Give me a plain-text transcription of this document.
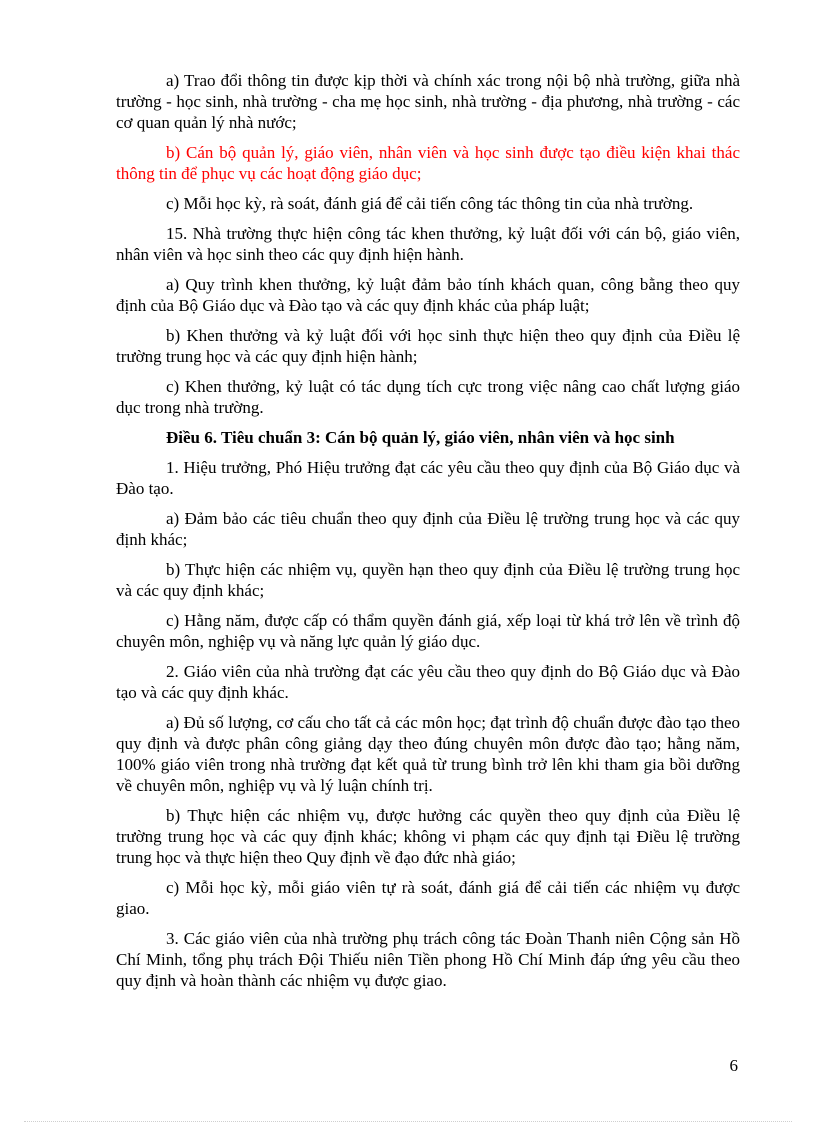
a) Trao đổi thông tin được kịp thời và chính xác trong nội bộ nhà trường, giữa nhà trường - học sinh, nhà trường - cha mẹ học sinh, nhà trường - địa phương, nhà trường - các cơ quan quản lý nhà nước;

b) Cán bộ quản lý, giáo viên, nhân viên và học sinh được tạo điều kiện khai thác thông tin để phục vụ các hoạt động giáo dục;

c) Mỗi học kỳ, rà soát, đánh giá để cải tiến công tác thông tin của nhà trường.

15. Nhà trường thực hiện công tác khen thưởng, kỷ luật đối với cán bộ, giáo viên, nhân viên và học sinh theo các quy định hiện hành.

a) Quy trình khen thưởng, kỷ luật đảm bảo tính khách quan, công bằng theo quy định của Bộ Giáo dục và Đào tạo và các quy định khác của pháp luật;

b) Khen thưởng và kỷ luật đối với học sinh thực hiện theo quy định của Điều lệ trường trung học và các quy định hiện hành;

c) Khen thưởng, kỷ luật có tác dụng tích cực trong việc nâng cao chất lượng giáo dục trong nhà trường.

Điều 6. Tiêu chuẩn 3: Cán bộ quản lý, giáo viên, nhân viên và học sinh

1. Hiệu trưởng, Phó Hiệu trưởng đạt các yêu cầu theo quy định của Bộ Giáo dục và Đào tạo.

a) Đảm bảo các tiêu chuẩn theo quy định của Điều lệ trường trung học và các quy định khác;

b) Thực hiện các nhiệm vụ, quyền hạn theo quy định của Điều lệ trường trung học và các quy định khác;

c) Hằng năm, được cấp có thẩm quyền đánh giá, xếp loại từ khá trở lên về trình độ chuyên môn, nghiệp vụ và năng lực quản lý giáo dục.

2. Giáo viên của nhà trường đạt các yêu cầu theo quy định do Bộ Giáo dục và Đào tạo và các quy định khác.

a) Đủ số lượng, cơ cấu cho tất cả các môn học; đạt trình độ chuẩn được đào tạo theo quy định và được phân công giảng dạy theo đúng chuyên môn được đào tạo; hằng năm, 100% giáo viên trong nhà trường đạt kết quả từ trung bình trở lên khi tham gia bồi dưỡng về chuyên môn, nghiệp vụ và lý luận chính trị.

b) Thực hiện các nhiệm vụ, được hưởng các quyền theo quy định của Điều lệ trường trung học và các quy định khác; không vi phạm các quy định tại Điều lệ trường trung học và thực hiện theo Quy định về đạo đức nhà giáo;

c) Mỗi học kỳ, mỗi giáo viên tự rà soát, đánh giá để cải tiến các nhiệm vụ được giao.

3. Các giáo viên của nhà trường phụ trách công tác Đoàn Thanh niên Cộng sản Hồ Chí Minh, tổng phụ trách Đội Thiếu niên Tiền phong Hồ Chí Minh đáp ứng yêu cầu theo quy định và hoàn thành các nhiệm vụ được giao.

6
